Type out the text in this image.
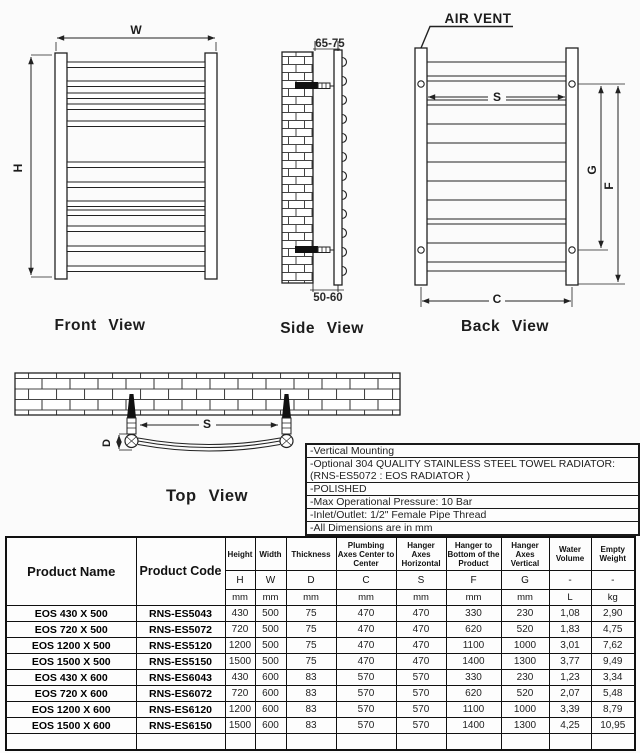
W
H
Front View
65-75
50-60
Side View
AIR VENT
S
G
F
C
Back View
S
D
Top View
-Vertical Mounting
-Optional 304 QUALITY STAINLESS STEEL TOWEL RADIATOR: (RNS-ES5072 : EOS RADIATOR )
-POLISHED
-Max Operational Pressure: 10 Bar
-Inlet/Outlet: 1/2" Female Pipe Thread
-All Dimensions are in mm
Product Name	Product Code	Height	Width	Thickness	Plumbing Axes Center to Center	Hanger Axes Horizontal	Hanger to Bottom of the Product	Hanger Axes Vertical	Water Volume	Empty Weight
		H	W	D	C	S	F	G	-	-
		mm	mm	mm	mm	mm	mm	mm	L	kg
EOS 430 X 500	RNS-ES5043	430	500	75	470	470	330	230	1,08	2,90
EOS 720 X 500	RNS-ES5072	720	500	75	470	470	620	520	1,83	4,75
EOS 1200 X 500	RNS-ES5120	1200	500	75	470	470	1100	1000	3,01	7,62
EOS 1500 X 500	RNS-ES5150	1500	500	75	470	470	1400	1300	3,77	9,49
EOS 430 X 600	RNS-ES6043	430	600	83	570	570	330	230	1,23	3,34
EOS 720 X 600	RNS-ES6072	720	600	83	570	570	620	520	2,07	5,48
EOS 1200 X 600	RNS-ES6120	1200	600	83	570	570	1100	1000	3,39	8,79
EOS 1500 X 600	RNS-ES6150	1500	600	83	570	570	1400	1300	4,25	10,95
